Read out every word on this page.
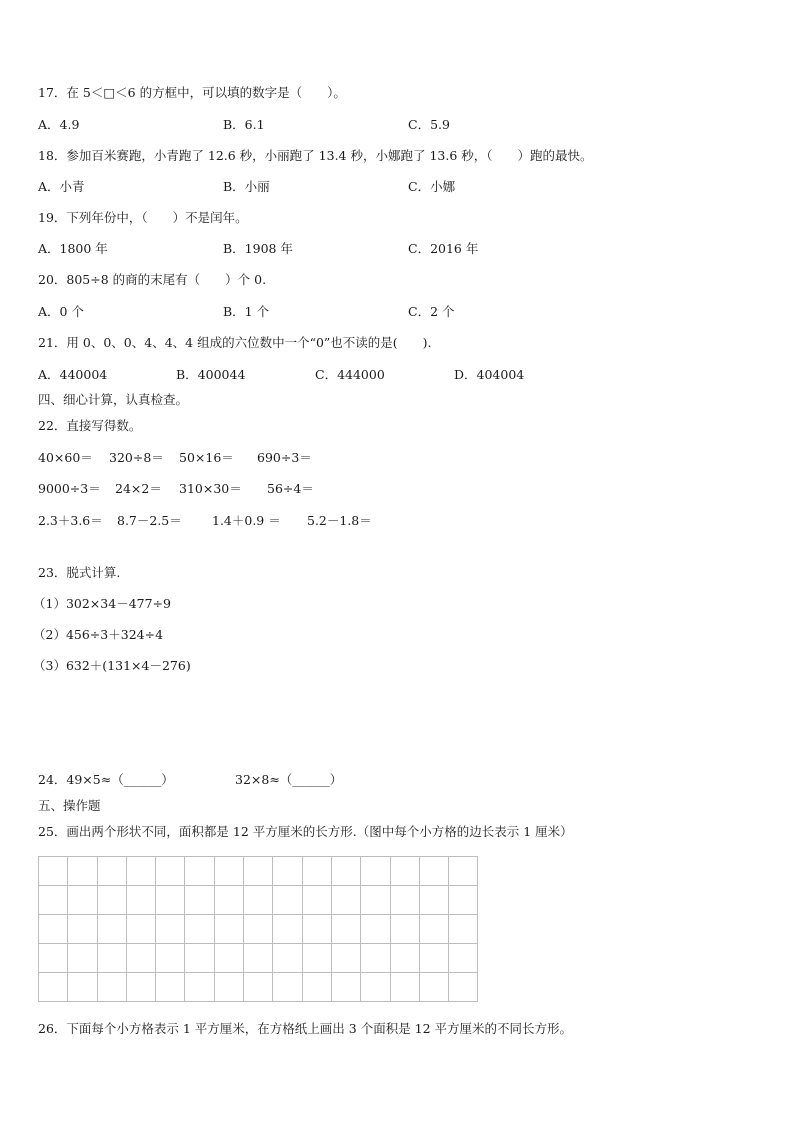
17．在 5＜□＜6 的方框中，可以填的数字是（　　）。
A．4.9	B．6.1	C．5.9
18．参加百米赛跑，小青跑了 12.6 秒，小丽跑了 13.4 秒，小娜跑了 13.6 秒，（　　）跑的最快。
A．小青	B．小丽	C．小娜
19．下列年份中，（　　）不是闰年。
A．1800 年	B．1908 年	C．2016 年
20．805÷8 的商的末尾有（　　）个 0.
A．0 个	B．1 个	C．2 个
21．用 0、0、0、4、4、4 组成的六位数中一个“0”也不读的是(　　).
A．440004	B．400044	C．444000	D．404004
四、细心计算，认真检查。
22．直接写得数。
40×60＝ 320÷8＝ 50×16＝ 690÷3＝
9000÷3＝ 24×2＝ 310×30＝ 56÷4＝
2.3＋3.6＝ 8.7－2.5＝ 1.4＋0.9 ＝ 5.2－1.8＝
23．脱式计算.
（1）302×34－477÷9
（2）456÷3＋324÷4
（3）632＋(131×4－276)
24．49×5≈（______）	32×8≈（______）
五、操作题
25．画出两个形状不同，面积都是 12 平方厘米的长方形.（图中每个小方格的边长表示 1 厘米）

26．下面每个小方格表示 1 平方厘米，在方格纸上画出 3 个面积是 12 平方厘米的不同长方形。
